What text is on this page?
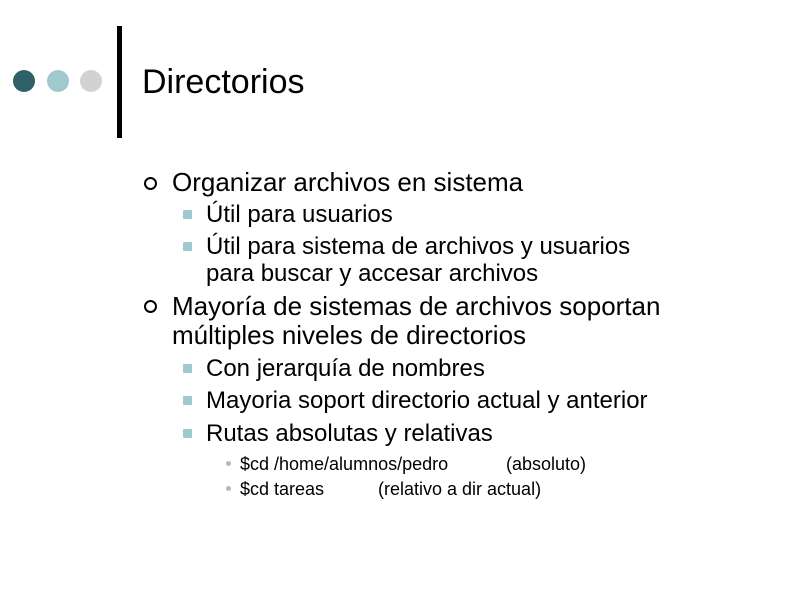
Directorios
Organizar archivos en sistema
Útil para usuarios
Útil para sistema de archivos y usuarios
para buscar y accesar archivos
Mayoría de sistemas de archivos soportan
múltiples niveles de directorios
Con jerarquía de nombres
Mayoria soport directorio actual y anterior
Rutas absolutas y relativas
$cd /home/alumnos/pedro	(absoluto)
$cd tareas	(relativo a dir actual)
